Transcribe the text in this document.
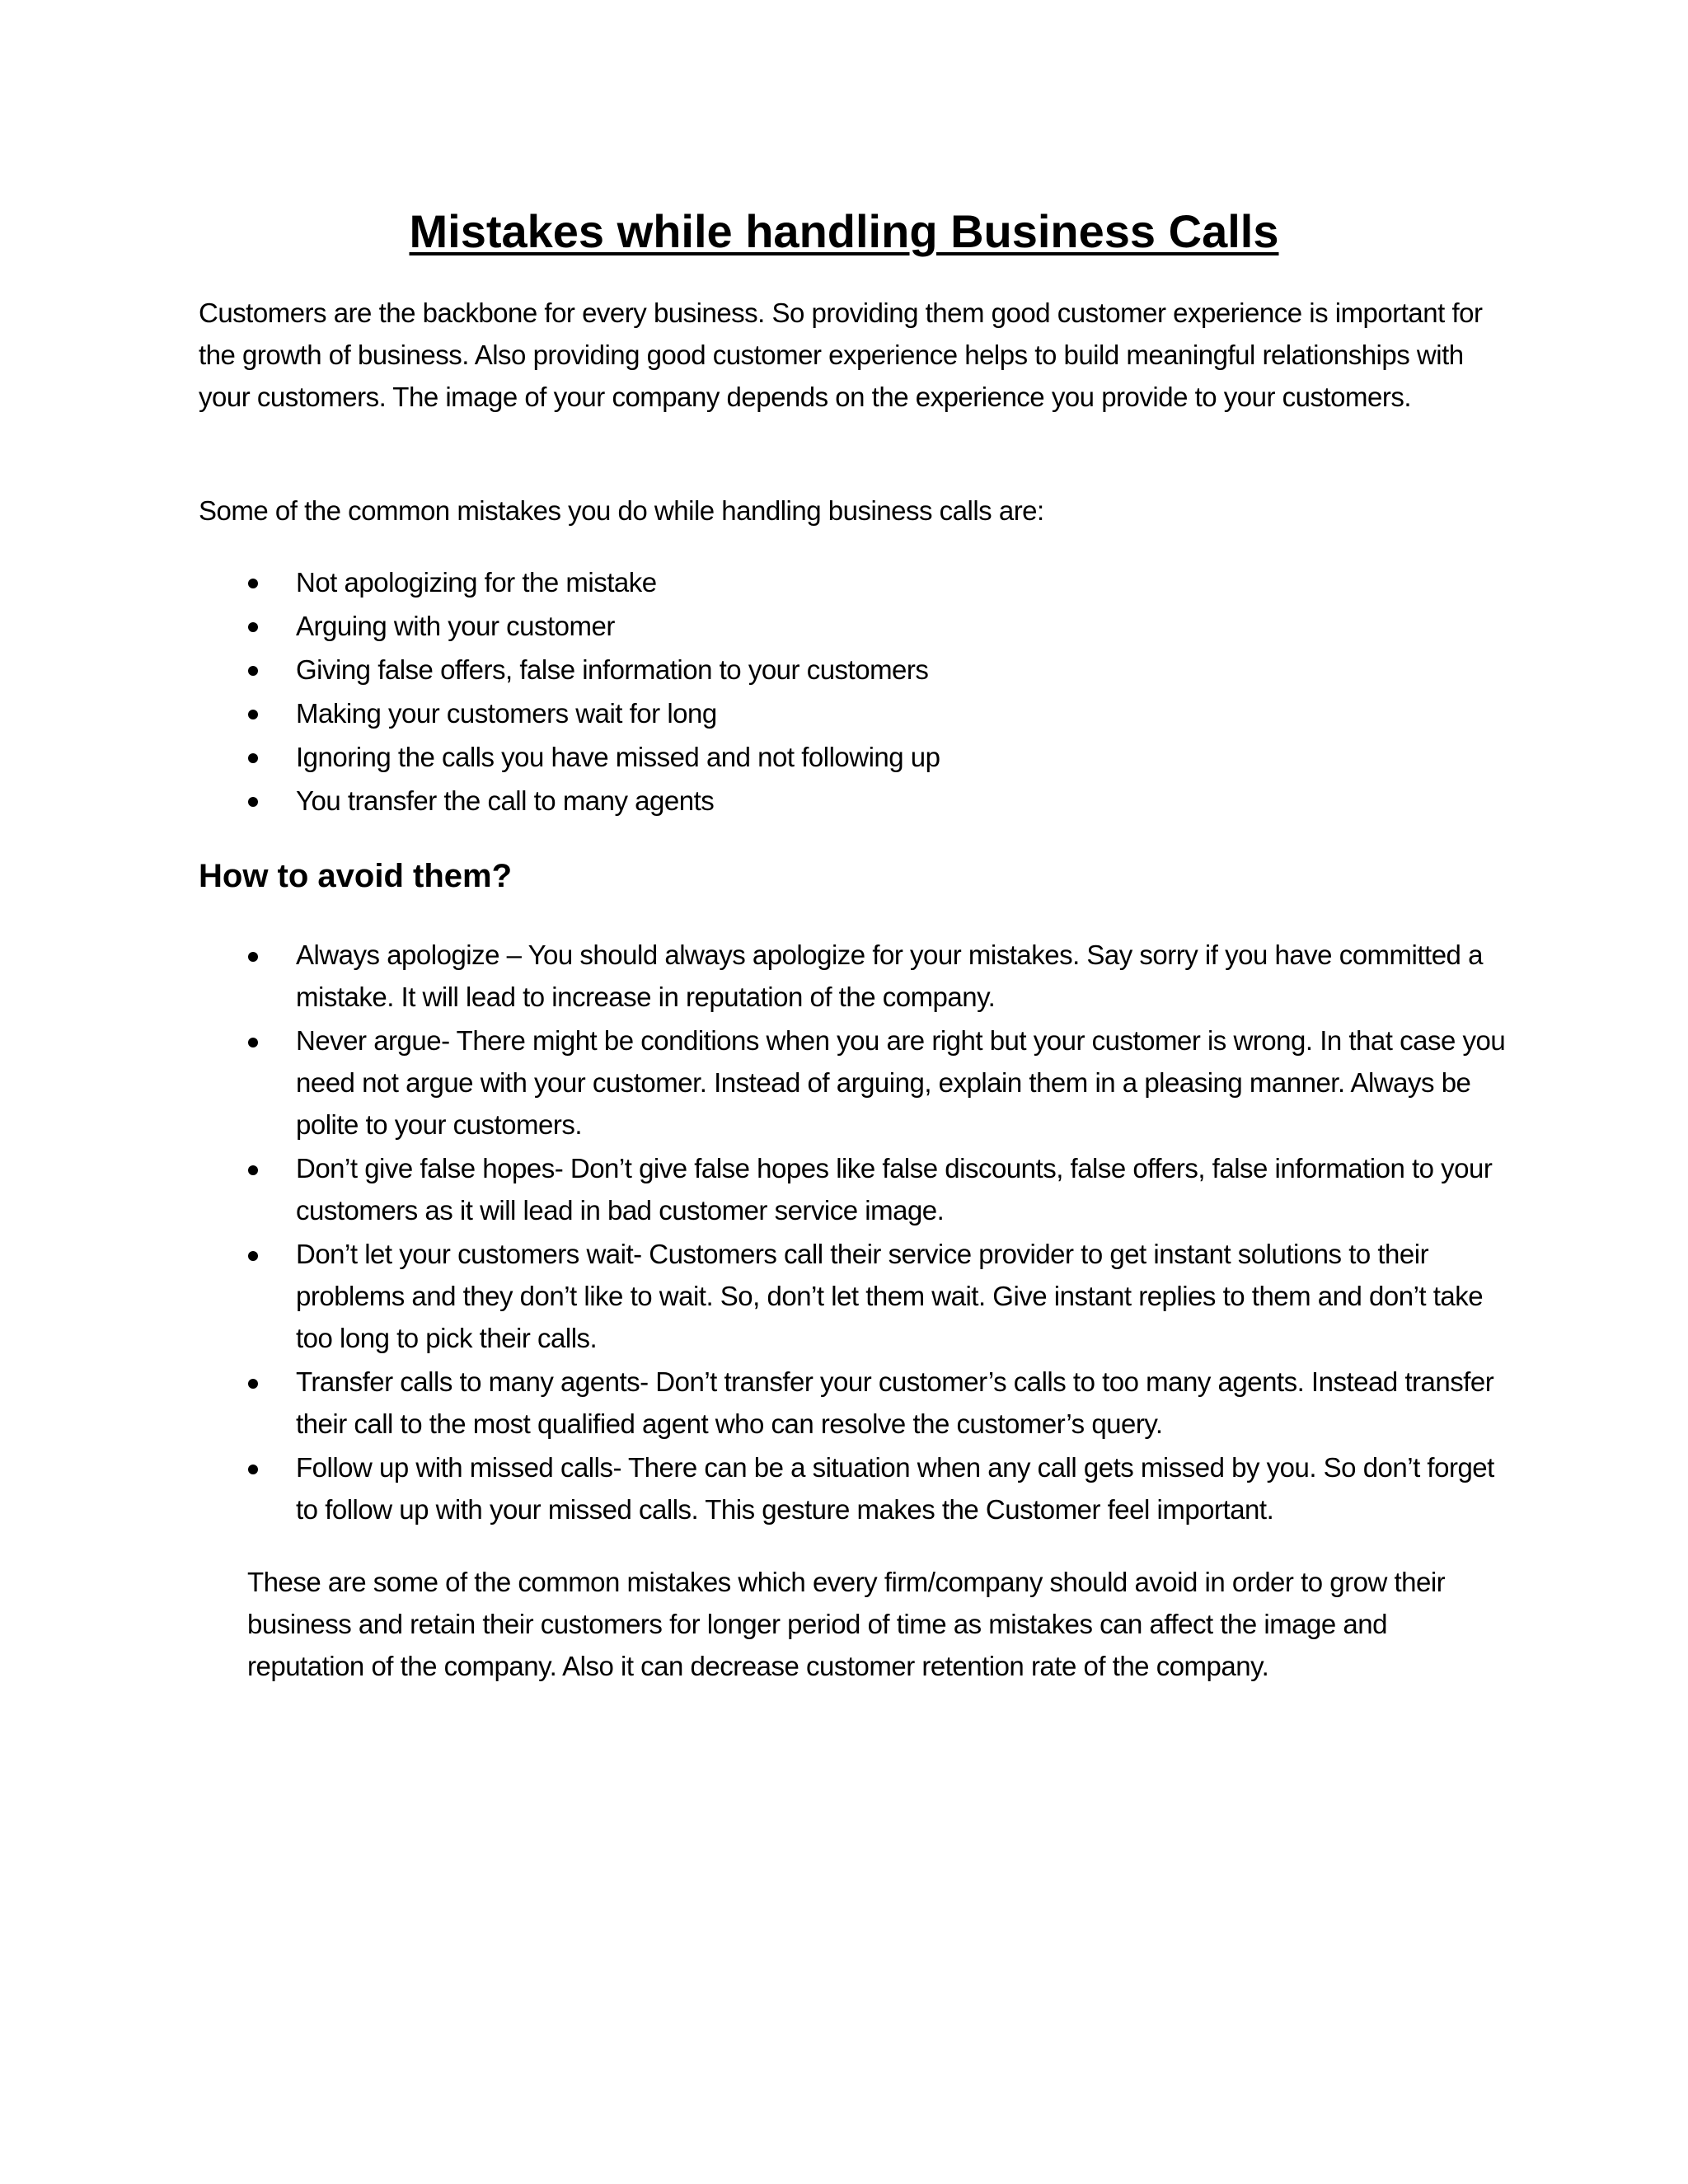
Mistakes while handling Business Calls

Customers are the backbone for every business. So providing them good customer experience is important for the growth of business. Also providing good customer experience helps to build meaningful relationships with your customers. The image of your company depends on the experience you provide to your customers.

Some of the common mistakes you do while handling business calls are:

Not apologizing for the mistake
Arguing with your customer
Giving false offers, false information to your customers
Making your customers wait for long
Ignoring the calls you have missed and not following up
You transfer the call to many agents
How to avoid them?
Always apologize – You should always apologize for your mistakes. Say sorry if you have committed a mistake. It will lead to increase in reputation of the company.
Never argue- There might be conditions when you are right but your customer is wrong. In that case you need not argue with your customer. Instead of arguing, explain them in a pleasing manner. Always be polite to your customers.
Don’t give false hopes- Don’t give false hopes like false discounts, false offers, false information to your customers as it will lead in bad customer service image.
Don’t let your customers wait- Customers call their service provider to get instant solutions to their problems and they don’t like to wait. So, don’t let them wait. Give instant replies to them and don’t take too long to pick their calls.
Transfer calls to many agents- Don’t transfer your customer’s calls to too many agents. Instead transfer their call to the most qualified agent who can resolve the customer’s query.
Follow up with missed calls- There can be a situation when any call gets missed by you. So don’t forget to follow up with your missed calls. This gesture makes the Customer feel important.

These are some of the common mistakes which every firm/company should avoid in order to grow their business and retain their customers for longer period of time as mistakes can affect the image and reputation of the company. Also it can decrease customer retention rate of the company.
